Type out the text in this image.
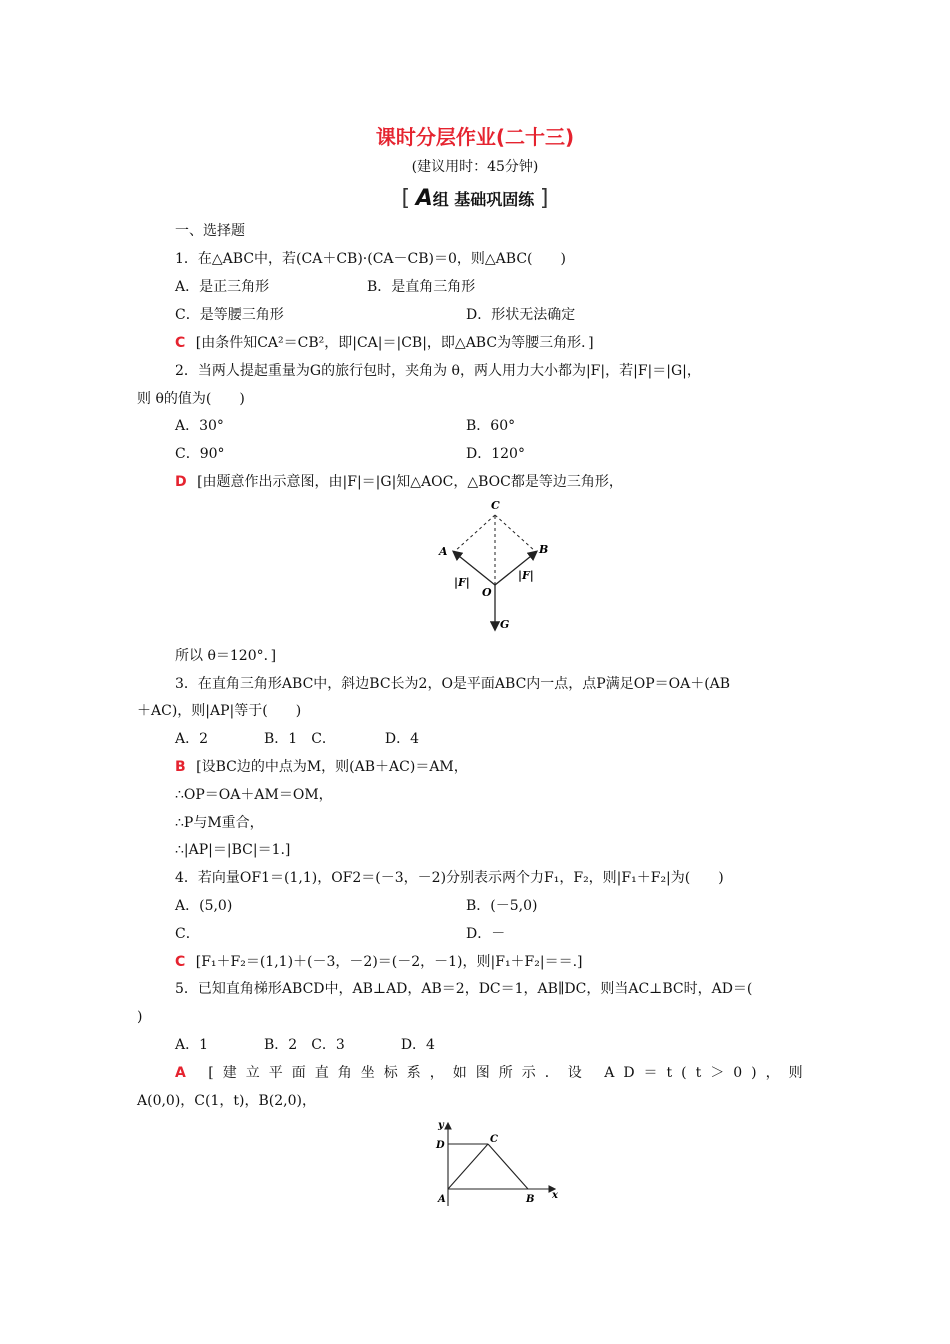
课时分层作业(二十三)
(建议用时：45分钟)
[ A组 基础巩固练 ]
一、选择题
1．在△ABC中，若(CA＋CB)·(CA－CB)＝0，则△ABC(　　)
A．是正三角形	B．是直角三角形
C．是等腰三角形	D．形状无法确定
C [由条件知CA²＝CB²，即|CA|＝|CB|，即△ABC为等腰三角形．]
2．当两人提起重量为G的旅行包时，夹角为 θ，两人用力大小都为|F|，若|F|＝|G|，
则 θ的值为(　　)
A．30°	B．60°
C．90°	D．120°
D [由题意作出示意图，由|F|＝|G|知△AOC，△BOC都是等边三角形，
C
A	B
O
G
|F|
|F|
所以 θ＝120°．]
3．在直角三角形ABC中，斜边BC长为2，O是平面ABC内一点，点P满足OP＝OA＋(AB
＋AC)，则|AP|等于(　　)
A．2　　　　B．1　C．　　　　D．4
B [设BC边的中点为M，则(AB＋AC)＝AM，
∴OP＝OA＋AM＝OM，
∴P与M重合，
∴|AP|＝|BC|＝1.]
4．若向量OF1＝(1,1)，OF2＝(－3，－2)分别表示两个力F₁，F₂，则|F₁＋F₂|为(　　)
A．(5,0)	B．(－5,0)
C．	D．－
C [F₁＋F₂＝(1,1)＋(－3，－2)＝(－2，－1)，则|F₁＋F₂|＝＝.]
5．已知直角梯形ABCD中，AB⊥AD，AB＝2，DC＝1，AB∥DC，则当AC⊥BC时，AD＝(
)
A．1　　　　B．2　C．3　　　　D．4
A [建立平面直角坐标系，如图所示．设 AD＝t(t＞0)，则
A(0,0)，C(1，t)，B(2,0)，
y
x
D
C
A	B
